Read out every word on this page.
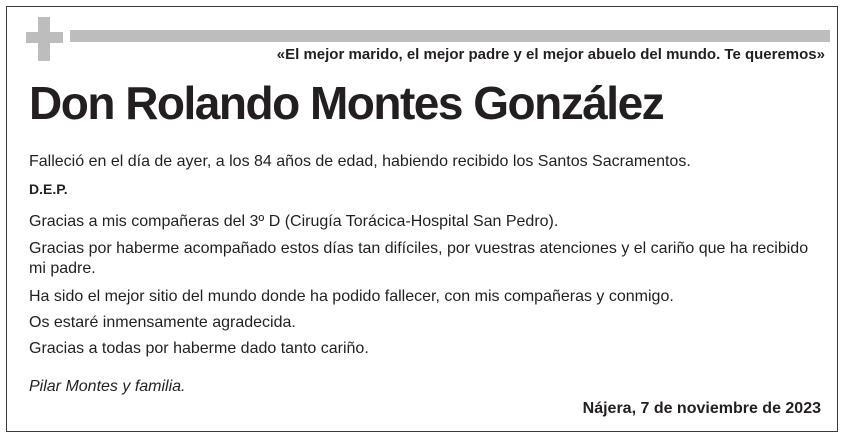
«El mejor marido, el mejor padre y el mejor abuelo del mundo. Te queremos»
Don Rolando Montes González
Falleció en el día de ayer, a los 84 años de edad, habiendo recibido los Santos Sacramentos.
D.E.P.
Gracias a mis compañeras del 3º D (Cirugía Torácica-Hospital San Pedro).
Gracias por haberme acompañado estos días tan difíciles, por vuestras atenciones y el cariño que ha recibido mi padre.
Ha sido el mejor sitio del mundo donde ha podido fallecer, con mis compañeras y conmigo.
Os estaré inmensamente agradecida.
Gracias a todas por haberme dado tanto cariño.
Pilar Montes y familia.
Nájera, 7 de noviembre de 2023
